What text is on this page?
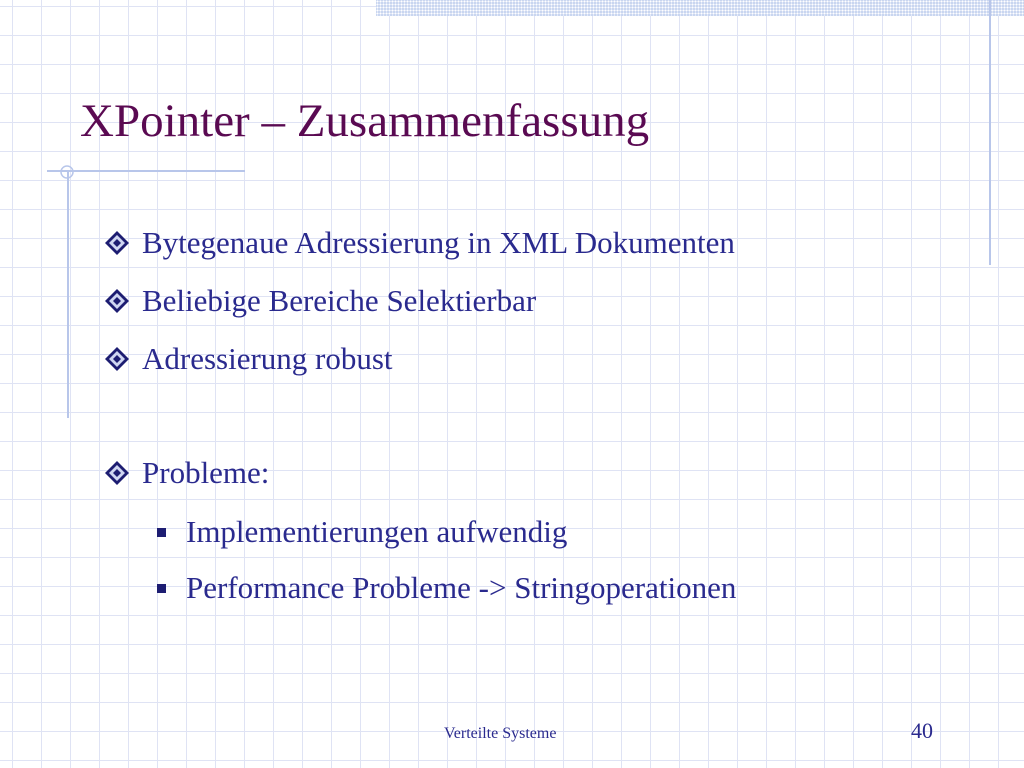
XPointer – Zusammenfassung
Bytegenaue Adressierung in XML Dokumenten
Beliebige Bereiche Selektierbar
Adressierung robust
Probleme:
Implementierungen aufwendig
Performance Probleme -> Stringoperationen
Verteilte Systeme	40
